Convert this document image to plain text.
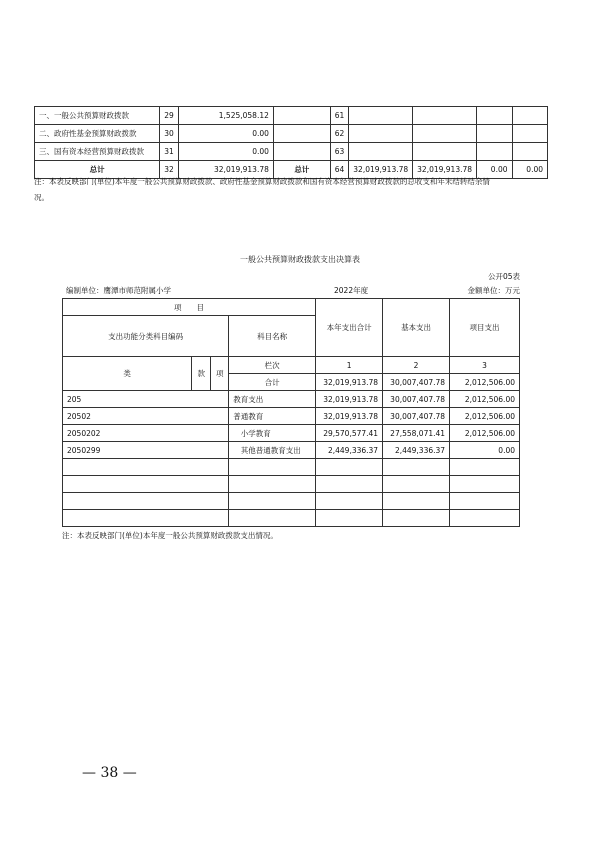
一、一般公共预算财政拨款	29	1,525,058.12		61				
二、政府性基金预算财政拨款	30	0.00		62				
三、国有资本经营预算财政拨款	31	0.00		63				
总计	32	32,019,913.78	总计	64	32,019,913.78	32,019,913.78	0.00	0.00
注：本表反映部门(单位)本年度一般公共预算财政拨款、政府性基金预算财政拨款和国有资本经营预算财政拨款的总收支和年末结转结余情
况。
一般公共预算财政拨款支出决算表
公开05表
编制单位：鹰潭市师范附属小学	2022年度	金额单位：万元
项　　目				本年支出合计	基本支出	项目支出
支出功能分类科目编码			科目名称			

类	款	项	栏次	1	2	3
			合计	32,019,913.78	30,007,407.78	2,012,506.00
205			教育支出	32,019,913.78	30,007,407.78	2,012,506.00
20502			普通教育	32,019,913.78	30,007,407.78	2,012,506.00
2050202			　小学教育	29,570,577.41	27,558,071.41	2,012,506.00
2050299			　其他普通教育支出	2,449,336.37	2,449,336.37	0.00

注：本表反映部门(单位)本年度一般公共预算财政拨款支出情况。
— 38 —
